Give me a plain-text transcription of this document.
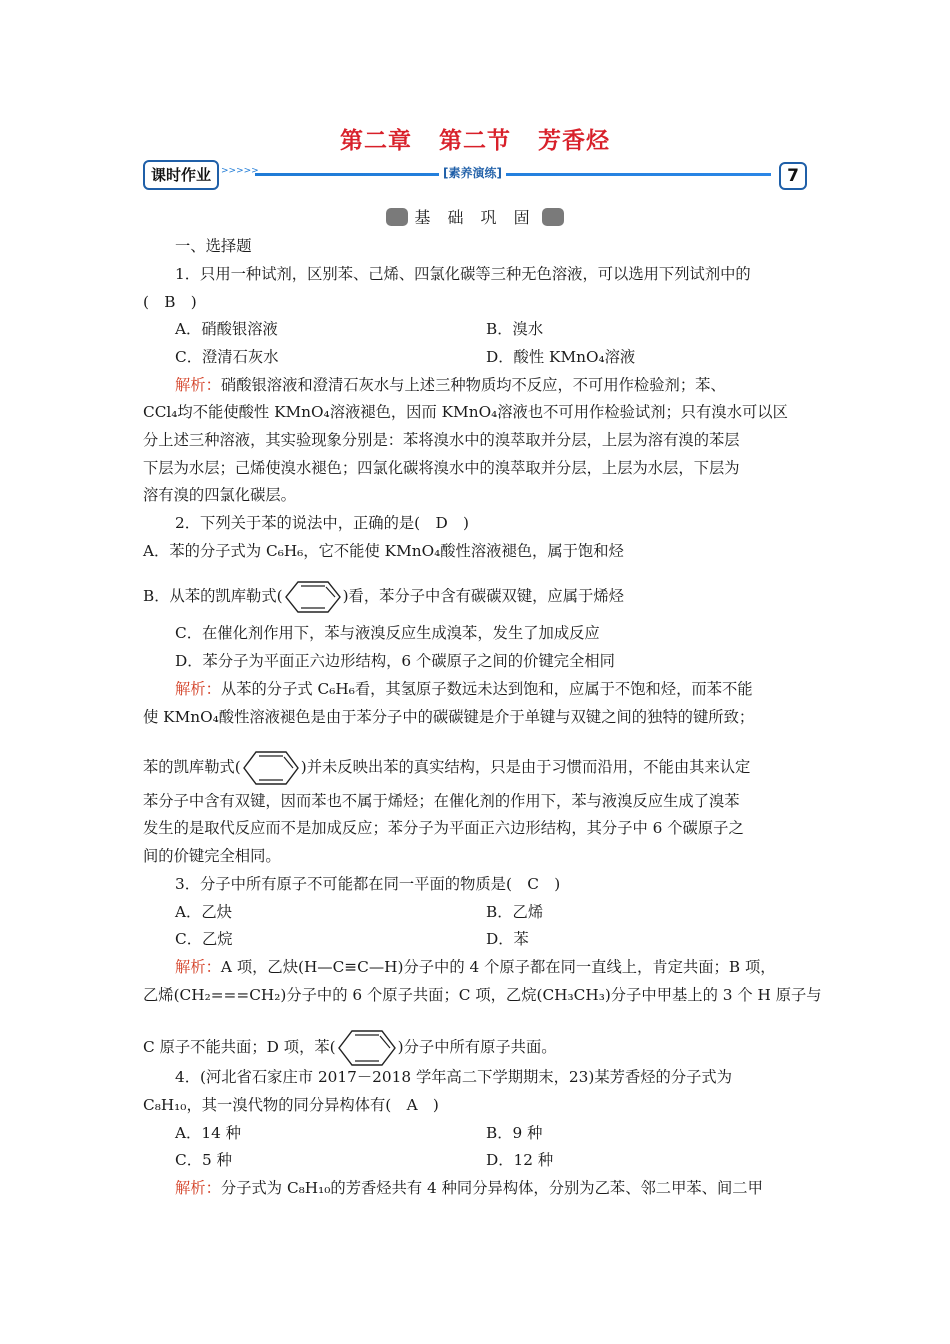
第二章 第二节 芳香烃
课时作业	>>>>>	[素养演练]	7
基 础 巩 固
一、选择题
1．只用一种试剂，区别苯、己烯、四氯化碳等三种无色溶液，可以选用下列试剂中的
(　B　)
A．硝酸银溶液	B．溴水
C．澄清石灰水	D．酸性 KMnO₄溶液
解析：硝酸银溶液和澄清石灰水与上述三种物质均不反应，不可用作检验剂；苯、
CCl₄均不能使酸性 KMnO₄溶液褪色，因而 KMnO₄溶液也不可用作检验试剂；只有溴水可以区
分上述三种溶液，其实验现象分别是：苯将溴水中的溴萃取并分层，上层为溶有溴的苯层
下层为水层；己烯使溴水褪色；四氯化碳将溴水中的溴萃取并分层，上层为水层，下层为
溶有溴的四氯化碳层。
2．下列关于苯的说法中，正确的是(　D　)
A．苯的分子式为 C₆H₆，它不能使 KMnO₄酸性溶液褪色，属于饱和烃
B．从苯的凯库勒式(	)看，苯分子中含有碳碳双键，应属于烯烃
C．在催化剂作用下，苯与液溴反应生成溴苯，发生了加成反应
D．苯分子为平面正六边形结构，6 个碳原子之间的价键完全相同
解析：从苯的分子式 C₆H₆看，其氢原子数远未达到饱和，应属于不饱和烃，而苯不能
使 KMnO₄酸性溶液褪色是由于苯分子中的碳碳键是介于单键与双键之间的独特的键所致；
苯的凯库勒式(	)并未反映出苯的真实结构，只是由于习惯而沿用，不能由其来认定
苯分子中含有双键，因而苯也不属于烯烃；在催化剂的作用下，苯与液溴反应生成了溴苯
发生的是取代反应而不是加成反应；苯分子为平面正六边形结构，其分子中 6 个碳原子之
间的价键完全相同。
3．分子中所有原子不可能都在同一平面的物质是(　C　)
A．乙炔	B．乙烯
C．乙烷	D．苯
解析：A 项，乙炔(H—C≡C—H)分子中的 4 个原子都在同一直线上，肯定共面；B 项，
乙烯(CH₂===CH₂)分子中的 6 个原子共面；C 项，乙烷(CH₃CH₃)分子中甲基上的 3 个 H 原子与
C 原子不能共面；D 项，苯(	)分子中所有原子共面。
4．(河北省石家庄市 2017－2018 学年高二下学期期末，23)某芳香烃的分子式为
C₈H₁₀，其一溴代物的同分异构体有(　A　)
A．14 种	B．9 种
C．5 种	D．12 种
解析：分子式为 C₈H₁₀的芳香烃共有 4 种同分异构体，分别为乙苯、邻二甲苯、间二甲
